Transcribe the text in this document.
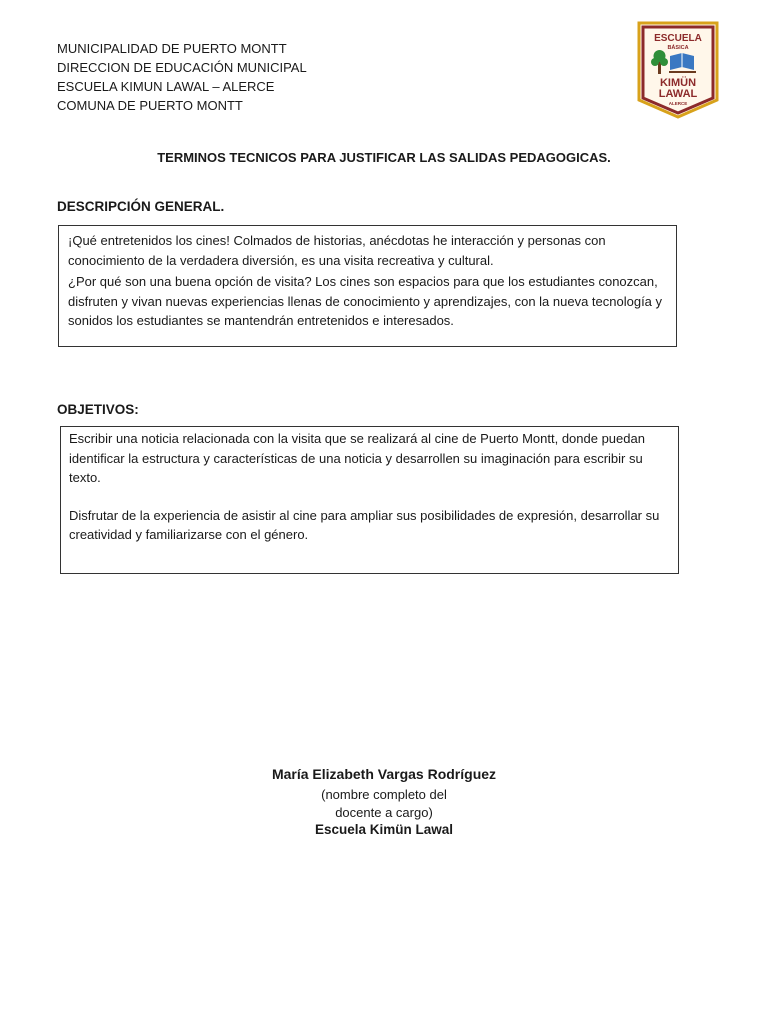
MUNICIPALIDAD DE PUERTO MONTT
DIRECCION DE EDUCACIÓN MUNICIPAL
ESCUELA KIMUN LAWAL – ALERCE
COMUNA DE PUERTO MONTT
ESCUELA
BÁSICA
KIMÜN
LAWAL
ALERCE
TERMINOS TECNICOS PARA JUSTIFICAR LAS SALIDAS PEDAGOGICAS.
DESCRIPCIÓN GENERAL.

¡Qué entretenidos los cines! Colmados de historias, anécdotas he interacción y personas con conocimiento de la verdadera diversión, es una visita recreativa y cultural.

¿Por qué son una buena opción de visita? Los cines son espacios para que los estudiantes conozcan, disfruten y vivan nuevas experiencias llenas de conocimiento y aprendizajes, con la nueva tecnología y sonidos los estudiantes se mantendrán entretenidos e interesados.

OBJETIVOS:

Escribir una noticia relacionada con la visita que se realizará al cine de Puerto Montt, donde puedan identificar la estructura y características de una noticia y desarrollen su imaginación para escribir su texto.

Disfrutar de la experiencia de asistir al cine para ampliar sus posibilidades de expresión, desarrollar su creatividad y familiarizarse con el género.

María Elizabeth Vargas Rodríguez
(nombre completo del
docente a cargo)
Escuela Kimün Lawal
